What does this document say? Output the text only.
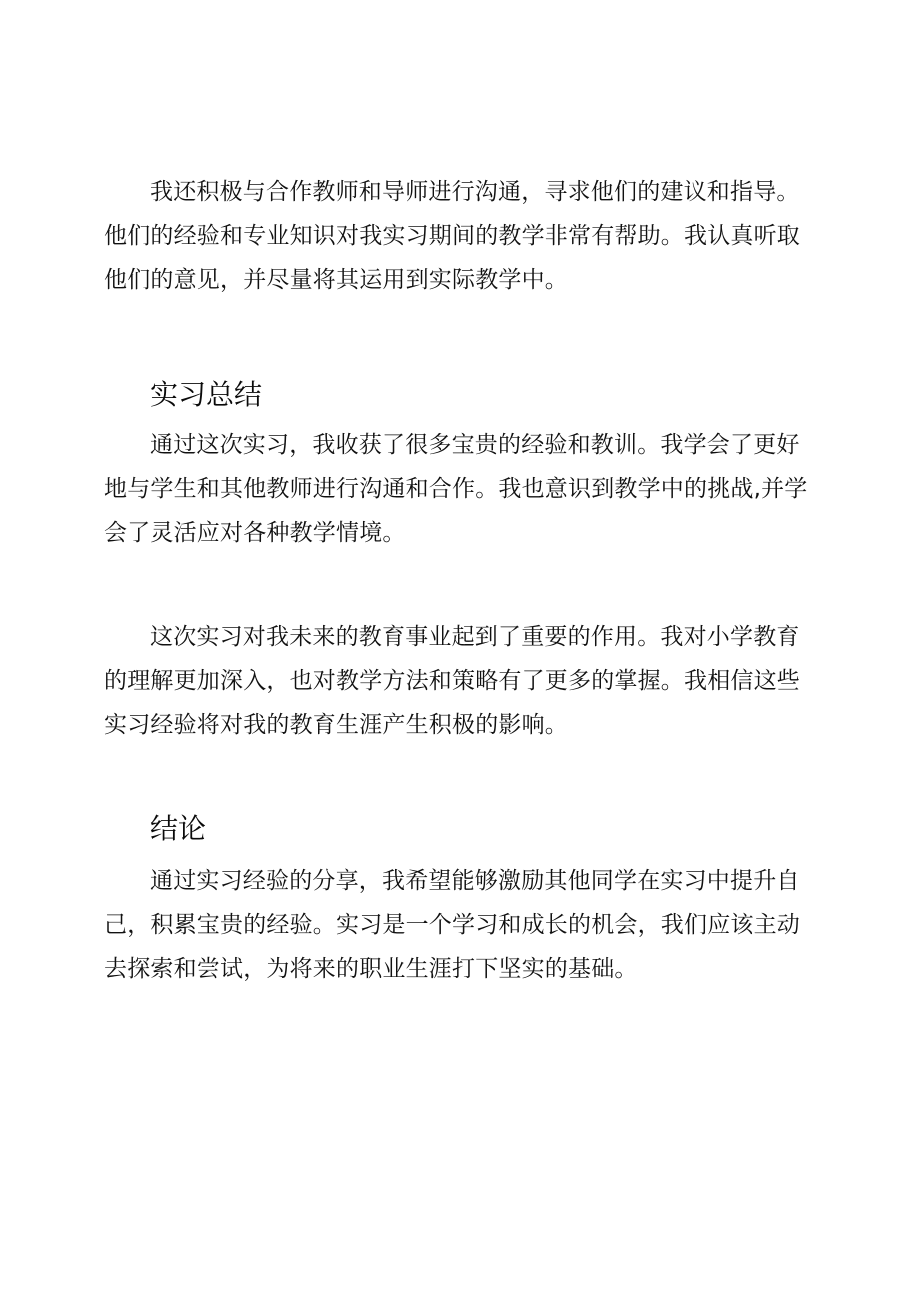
我还积极与合作教师和导师进行沟通，寻求他们的建议和指导。
他们的经验和专业知识对我实习期间的教学非常有帮助。我认真听取
他们的意见，并尽量将其运用到实际教学中。

实习总结

通过这次实习，我收获了很多宝贵的经验和教训。我学会了更好
地与学生和其他教师进行沟通和合作。我也意识到教学中的挑战,并学
会了灵活应对各种教学情境。

这次实习对我未来的教育事业起到了重要的作用。我对小学教育
的理解更加深入，也对教学方法和策略有了更多的掌握。我相信这些
实习经验将对我的教育生涯产生积极的影响。

结论

通过实习经验的分享，我希望能够激励其他同学在实习中提升自
己，积累宝贵的经验。实习是一个学习和成长的机会，我们应该主动
去探索和尝试，为将来的职业生涯打下坚实的基础。
